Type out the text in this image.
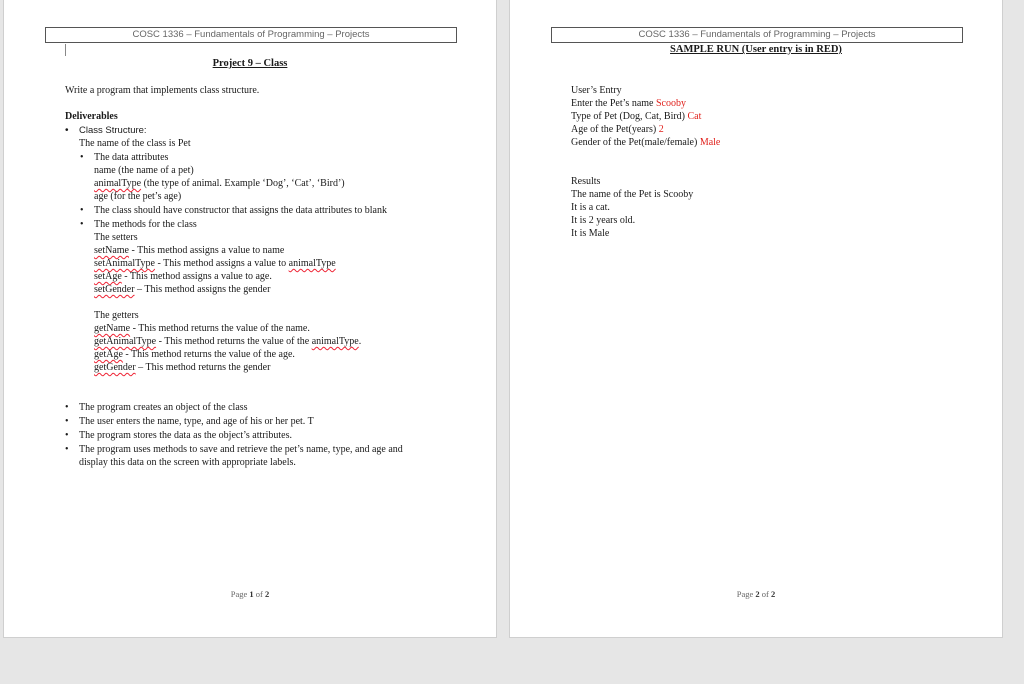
COSC 1336 – Fundamentals of Programming – Projects
Project 9 – Class
Write a program that implements class structure.
Deliverables
• Class Structure:
The name of the class is Pet
• The data attributes
name (the name of a pet)
animalType (the type of animal. Example ‘Dog’, ‘Cat’, ‘Bird’)
age (for the pet’s age)
• The class should have constructor that assigns the data attributes to blank
• The methods for the class
The setters
setName - This method assigns a value to name
setAnimalType - This method assigns a value to animalType
setAge - This method assigns a value to age.
setGender – This method assigns the gender
The getters
getName - This method returns the value of the name.
getAnimalType - This method returns the value of the animalType.
getAge - This method returns the value of the age.
getGender – This method returns the gender
• The program creates an object of the class
• The user enters the name, type, and age of his or her pet. T
• The program stores the data as the object’s attributes.
• The program uses methods to save and retrieve the pet’s name, type, and age and
display this data on the screen with appropriate labels.
Page 1 of 2
COSC 1336 – Fundamentals of Programming – Projects
SAMPLE RUN (User entry is in RED)
User’s Entry
Enter the Pet’s name Scooby
Type of Pet (Dog, Cat, Bird) Cat
Age of the Pet(years) 2
Gender of the Pet(male/female) Male
Results
The name of the Pet is Scooby
It is a cat.
It is 2 years old.
It is Male
Page 2 of 2
